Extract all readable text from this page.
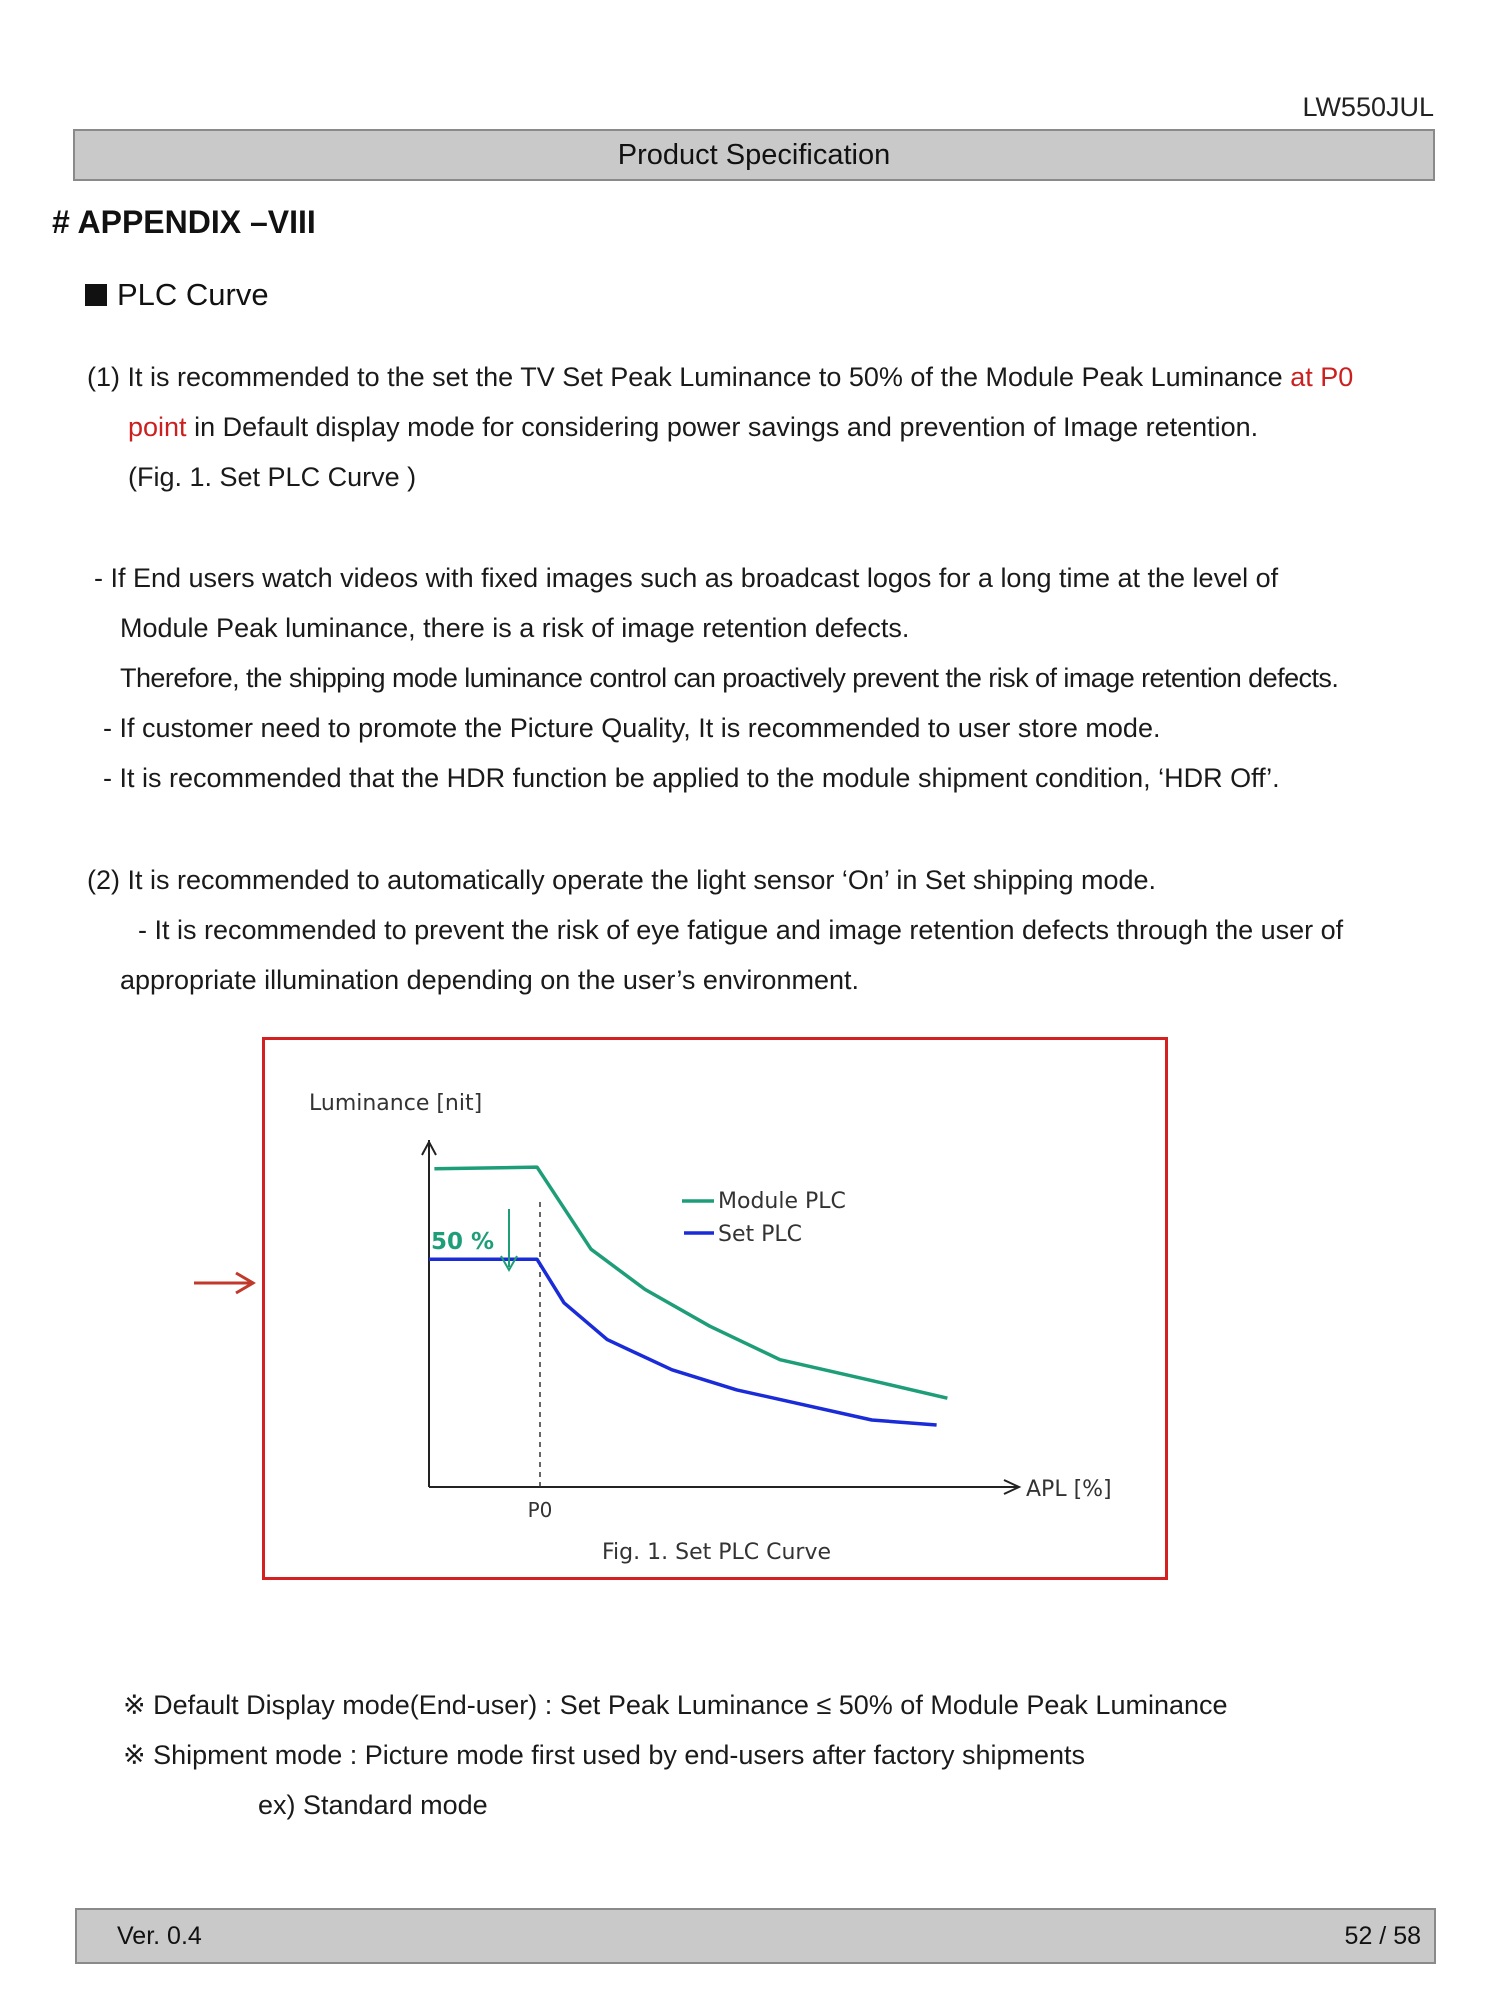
LW550JUL
Product Specification
# APPENDIX –VIII
PLC Curve
(1) It is recommended to the set the TV Set Peak Luminance to 50% of the Module Peak Luminance at P0
point in Default display mode for considering power savings and prevention of Image retention.
(Fig. 1. Set PLC Curve )
- If End users watch videos with fixed images such as broadcast logos for a long time at the level of
Module Peak luminance, there is a risk of image retention defects.
Therefore, the shipping mode luminance control can proactively prevent the risk of image retention defects.
- If customer need to promote the Picture Quality, It is recommended to user store mode.
- It is recommended that the HDR function be applied to the module shipment condition, ‘HDR Off’.
(2) It is recommended to automatically operate the light sensor ‘On’ in Set shipping mode.
- It is recommended to prevent the risk of eye fatigue and image retention defects through the user of
appropriate illumination depending on the user’s environment.
50 %
Luminance [nit]
APL [%]
P0
Module PLC
Set PLC
Fig. 1. Set PLC Curve
※ Default Display mode(End-user) : Set Peak Luminance ≤ 50% of Module Peak Luminance
※ Shipment mode : Picture mode first used by end-users after factory shipments
ex) Standard mode
Ver. 0.4	52 / 58
